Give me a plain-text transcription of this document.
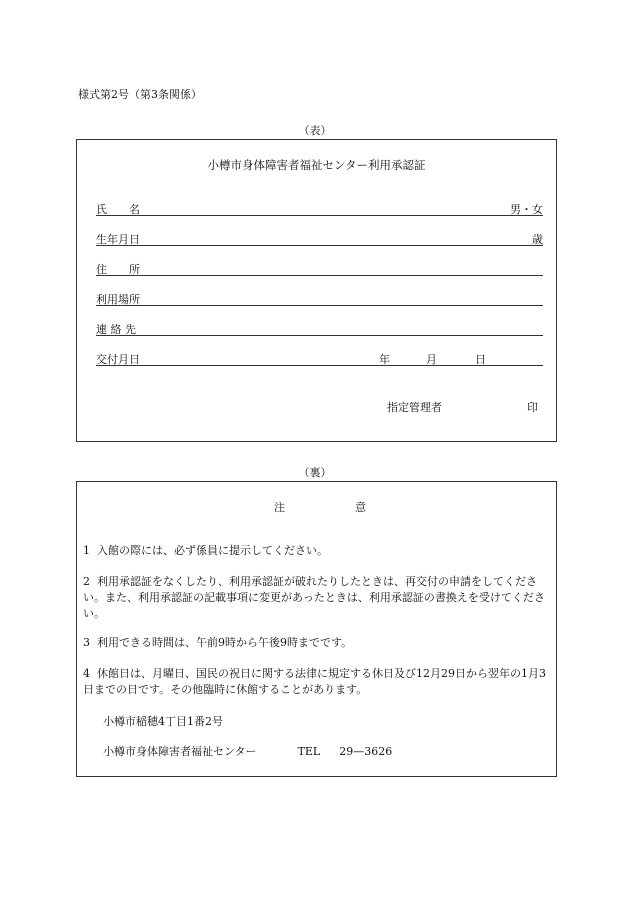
様式第2号（第3条関係）
（表）
小樽市身体障害者福祉センター利用承認証
氏　　名	男・女
生年月日	歳
住　　所
利用場所
連 絡 先
交付月日	年	月	日
指定管理者	印
（裏）
注	意
1 入館の際には、必ず係員に提示してください。
2 利用承認証をなくしたり、利用承認証が破れたりしたときは、再交付の申請をしてください。また、利用承認証の記載事項に変更があったときは、利用承認証の書換えを受けてください。
3 利用できる時間は、午前9時から午後9時までです。
4 休館日は、月曜日、国民の祝日に関する法律に規定する休日及び12月29日から翌年の1月3日までの日です。その他臨時に休館することがあります。
小樽市稲穂4丁目1番2号
小樽市身体障害者福祉センター	TEL 29—3626
